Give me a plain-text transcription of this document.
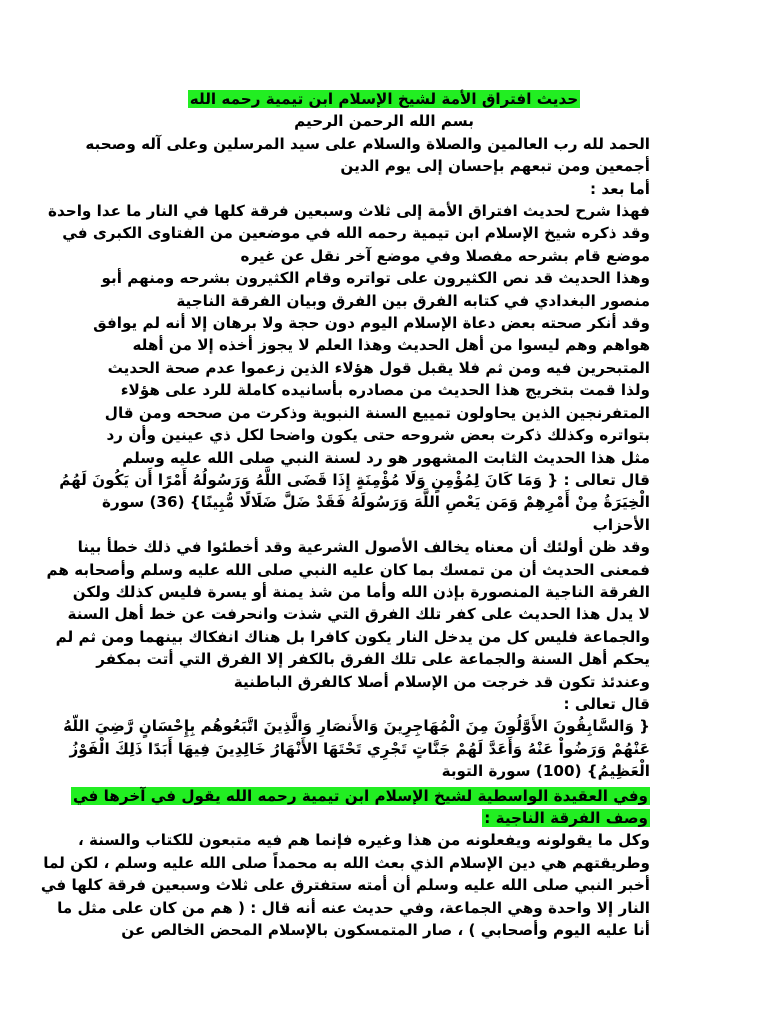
حديث افتراق الأمة لشيخ الإسلام ابن تيمية رحمه الله
بسم الله الرحمن الرحيم
الحمد لله رب العالمين والصلاة والسلام على سيد المرسلين وعلى آله وصحبه
أجمعين ومن تبعهم بإحسان إلى يوم الدين
أما بعد :
فهذا شرح لحديث افتراق الأمة إلى ثلاث وسبعين فرقة كلها في النار ما عدا واحدة
وقد ذكره شيخ الإسلام ابن تيمية رحمه الله في موضعين من الفتاوى الكبرى في
موضع قام بشرحه مفصلا وفي موضع آخر نقل عن غيره
وهذا الحديث قد نص الكثيرون على تواتره وقام الكثيرون بشرحه ومنهم أبو
منصور البغدادي في كتابه الفرق بين الفرق وبيان الفرقة الناجية
وقد أنكر صحته بعض دعاة الإسلام اليوم دون حجة ولا برهان إلا أنه لم يوافق
هواهم وهم ليسوا من أهل الحديث وهذا العلم لا يجوز أخذه إلا من أهله
المتبحرين فيه ومن ثم فلا يقبل قول هؤلاء الذين زعموا عدم صحة الحديث
ولذا قمت بتخريج هذا الحديث من مصادره بأسانيده كاملة للرد على هؤلاء
المتفرنجين الذين يحاولون تمييع السنة النبوية وذكرت من صححه ومن قال
بتواتره وكذلك ذكرت بعض شروحه حتى يكون واضحا لكل ذي عينين وأن رد
مثل هذا الحديث الثابت المشهور هو رد لسنة النبي صلى الله عليه وسلم
قال تعالى : { وَمَا كَانَ لِمُؤْمِنٍ وَلَا مُؤْمِنَةٍ إِذَا قَضَى اللَّهُ وَرَسُولُهُ أَمْرًا أَن يَكُونَ لَهُمُ
الْخِيَرَةُ مِنْ أَمْرِهِمْ وَمَن يَعْصِ اللَّهَ وَرَسُولَهُ فَقَدْ ضَلَّ ضَلَالًا مُّبِينًا} (36) سورة
الأحزاب
وقد ظن أولئك أن معناه يخالف الأصول الشرعية وقد أخطئوا في ذلك خطأ بينا
فمعنى الحديث أن من تمسك بما كان عليه النبي صلى الله عليه وسلم وأصحابه هم
الفرقة الناجية المنصورة بإذن الله وأما من شذ يمنة أو يسرة فليس كذلك ولكن
لا يدل هذا الحديث على كفر تلك الفرق التي شذت وانحرفت عن خط أهل السنة
والجماعة فليس كل من يدخل النار يكون كافرا بل هناك انفكاك بينهما ومن ثم لم
يحكم أهل السنة والجماعة على تلك الفرق بالكفر إلا الفرق التي أتت بمكفر
وعندئذ تكون قد خرجت من الإسلام أصلا كالفرق الباطنية
قال تعالى :
{ وَالسَّابِقُونَ الأَوَّلُونَ مِنَ الْمُهَاجِرِينَ وَالأَنصَارِ وَالَّذِينَ اتَّبَعُوهُم بِإِحْسَانٍ رَّضِيَ اللّهُ
عَنْهُمْ وَرَضُواْ عَنْهُ وَأَعَدَّ لَهُمْ جَنَّاتٍ تَجْرِي تَحْتَهَا الأَنْهَارُ خَالِدِينَ فِيهَا أَبَدًا ذَلِكَ الْفَوْزُ
الْعَظِيمُ} (100) سورة التوبة
وفي العقيدة الواسطية لشيخ الإسلام ابن تيمية رحمه الله يقول في آخرها في
وصف الفرقة الناجية :
وكل ما يقولونه ويفعلونه من هذا وغيره فإنما هم فيه متبعون للكتاب والسنة ،
وطريقتهم هي دين الإسلام الذي بعث الله به محمداً صلى الله عليه وسلم ، لكن لما
أخبر النبي صلى الله عليه وسلم أن أمته ستفترق على ثلاث وسبعين فرقة كلها في
النار إلا واحدة وهي الجماعة، وفي حديث عنه أنه قال : ( هم من كان على مثل ما
أنا عليه اليوم وأصحابي ) ، صار المتمسكون بالإسلام المحض الخالص عن
